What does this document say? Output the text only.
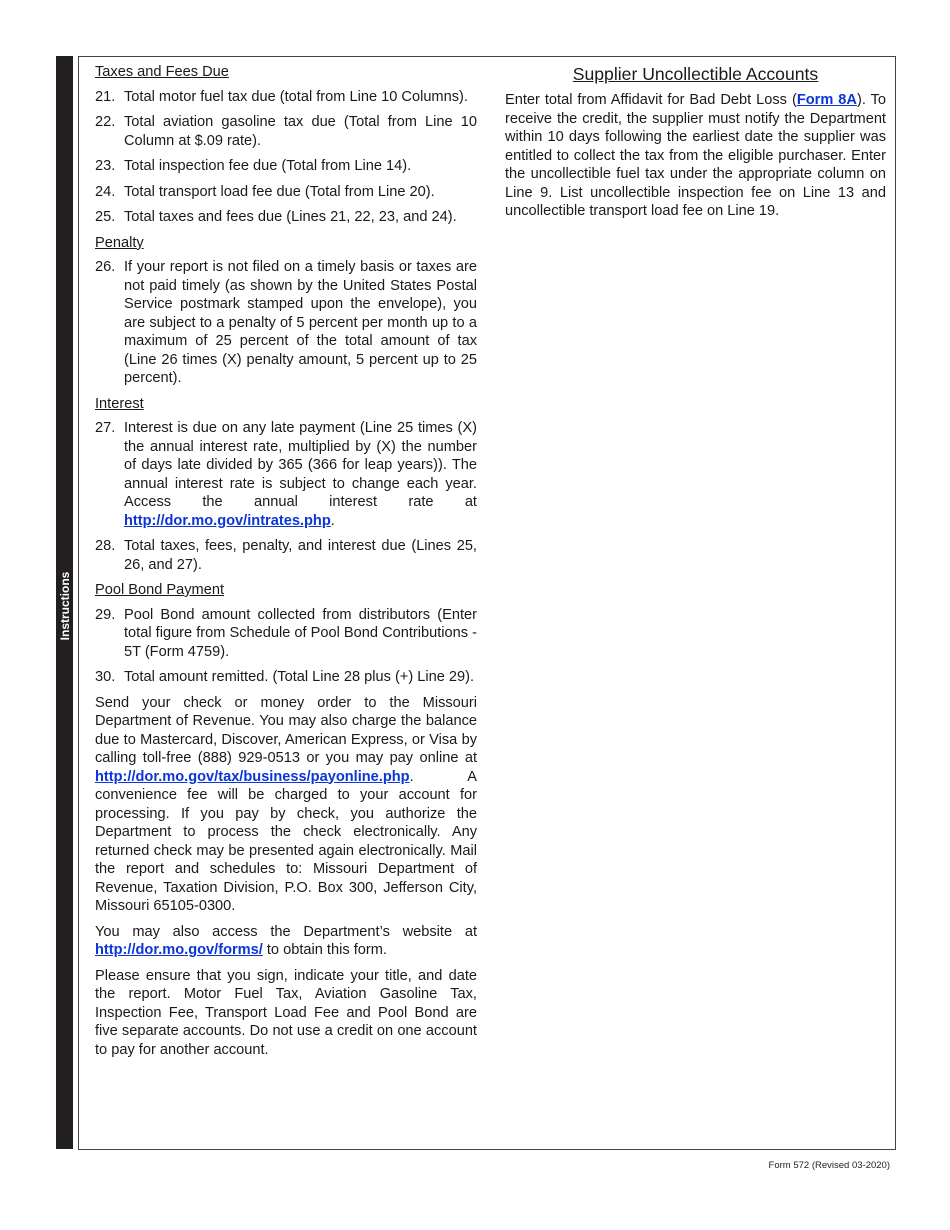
Instructions
Taxes and Fees Due
21. Total motor fuel tax due (total from Line 10 Columns).
22. Total aviation gasoline tax due (Total from Line 10 Column at $.09 rate).
23. Total inspection fee due (Total from Line 14).
24. Total transport load fee due (Total from Line 20).
25. Total taxes and fees due (Lines 21, 22, 23, and 24).
Penalty
26. If your report is not filed on a timely basis or taxes are not paid timely (as shown by the United States Postal Service postmark stamped upon the envelope), you are subject to a penalty of 5 percent per month up to a maximum of 25 percent of the total amount of tax (Line 26 times (X) penalty amount, 5 percent up to 25 percent).
Interest
27. Interest is due on any late payment (Line 25 times (X) the annual interest rate, multiplied by (X) the number of days late divided by 365 (366 for leap years)). The annual interest rate is subject to change each year. Access the annual interest rate at http://dor.mo.gov/intrates.php.
28. Total taxes, fees, penalty, and interest due (Lines 25, 26, and 27).
Pool Bond Payment
29. Pool Bond amount collected from distributors (Enter total figure from Schedule of Pool Bond Contributions - 5T (Form 4759).
30. Total amount remitted. (Total Line 28 plus (+) Line 29).
Send your check or money order to the Missouri Department of Revenue. You may also charge the balance due to Mastercard, Discover, American Express, or Visa by calling toll-free (888) 929-0513 or you may pay online at http://dor.mo.gov/tax/business/payonline.php. A convenience fee will be charged to your account for processing. If you pay by check, you authorize the Department to process the check electronically. Any returned check may be presented again electronically. Mail the report and schedules to: Missouri Department of Revenue, Taxation Division, P.O. Box 300, Jefferson City, Missouri 65105-0300.
You may also access the Department’s website at http://dor.mo.gov/forms/ to obtain this form.
Please ensure that you sign, indicate your title, and date the report. Motor Fuel Tax, Aviation Gasoline Tax, Inspection Fee, Transport Load Fee and Pool Bond are five separate accounts. Do not use a credit on one account to pay for another account.
Supplier Uncollectible Accounts
Enter total from Affidavit for Bad Debt Loss (Form 8A). To receive the credit, the supplier must notify the Department within 10 days following the earliest date the supplier was entitled to collect the tax from the eligible purchaser. Enter the uncollectible fuel tax under the appropriate column on Line 9. List uncollectible inspection fee on Line 13 and uncollectible transport load fee on Line 19.
Form 572 (Revised 03-2020)
